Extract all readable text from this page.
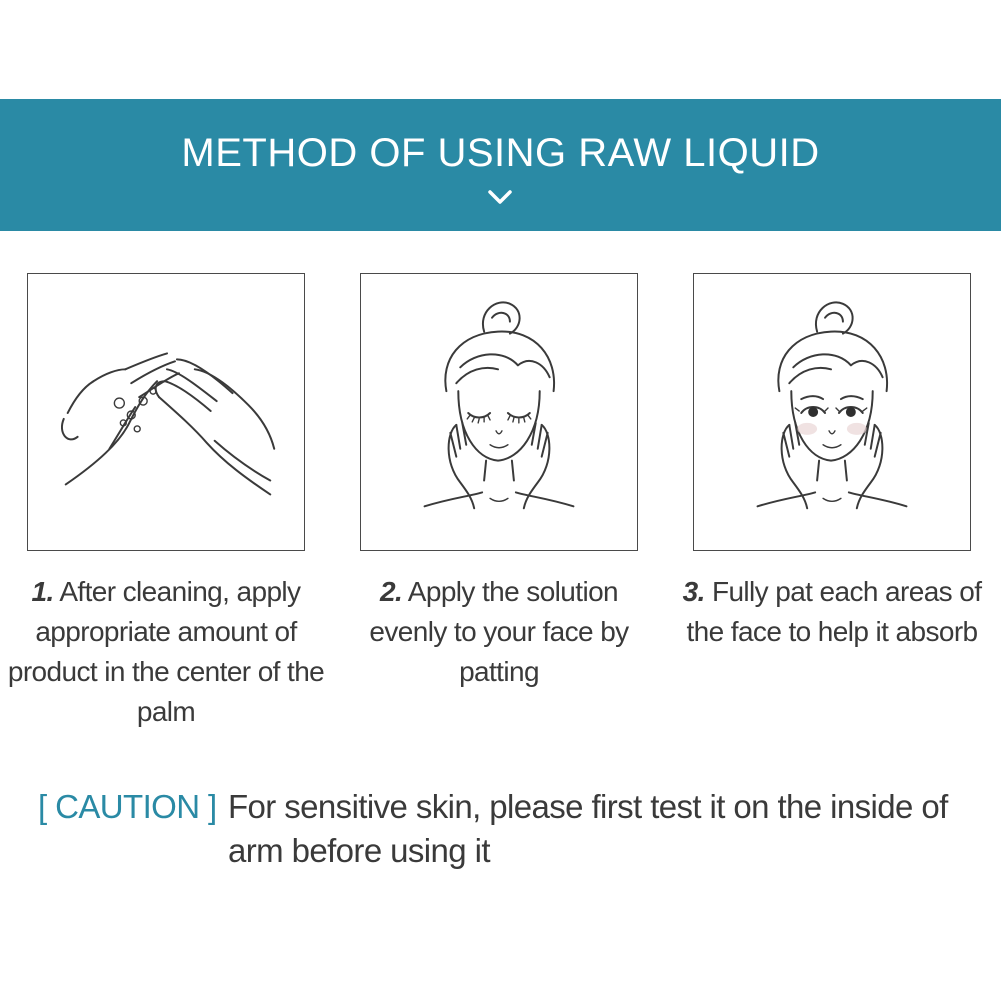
METHOD OF USING RAW LIQUID
1. After cleaning, apply appropriate amount of product in the center of the palm
2. Apply the solution evenly to your face by patting
3. Fully pat each areas of the face to help it absorb
[ CAUTION ] For sensitive skin, please first test it on the inside of arm before using it
